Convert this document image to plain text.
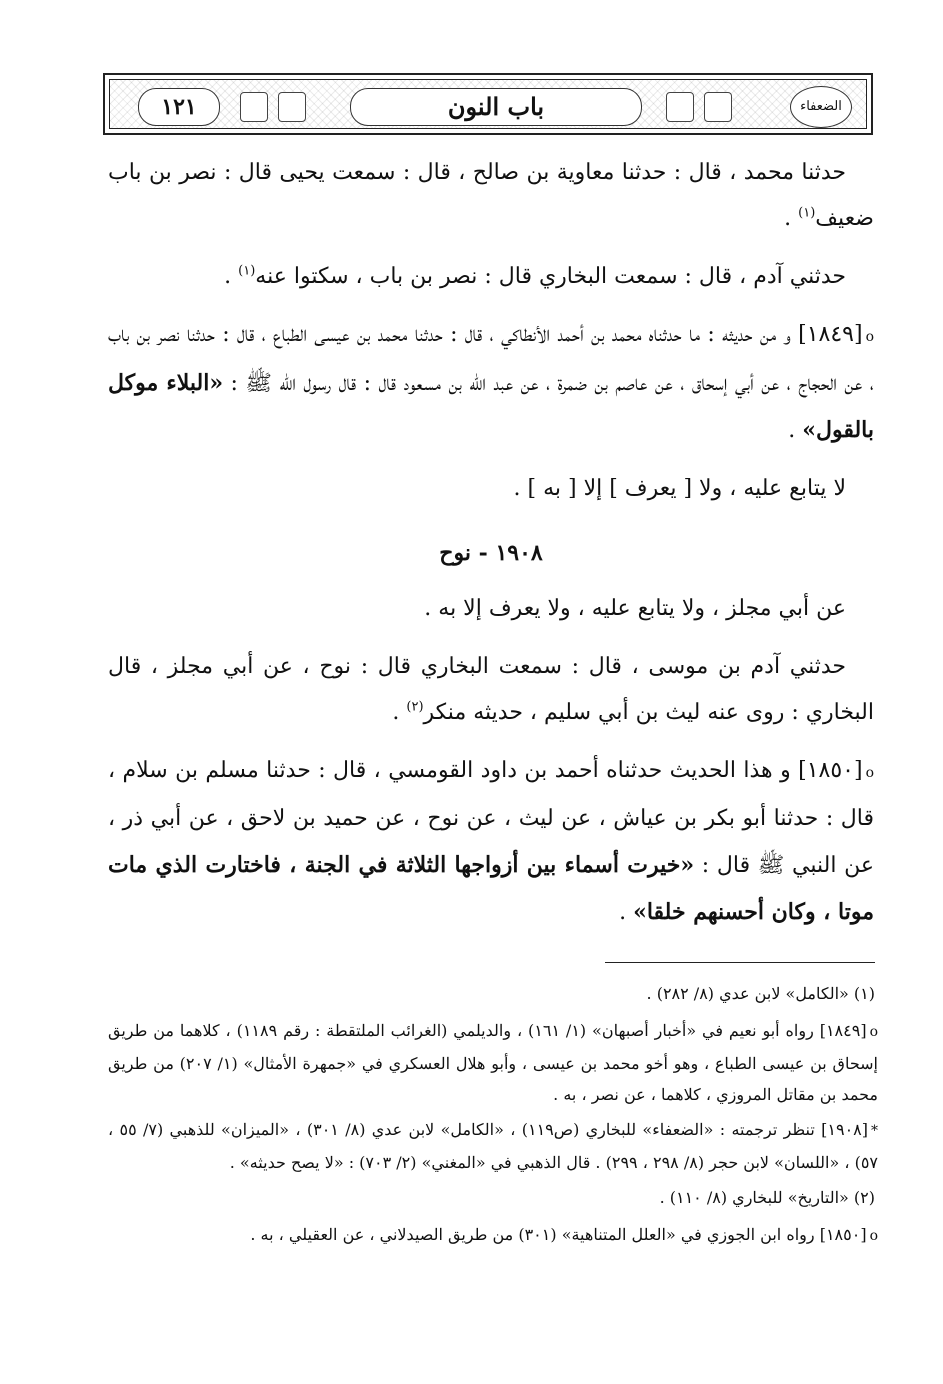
١٢١	باب النون	الضعفاء

حدثنا محمد ، قال : حدثنا معاوية بن صالح ، قال : سمعت يحيى قال : نصر بن باب ضعيف$^{(١)}$ .

حدثني آدم ، قال : سمعت البخاري قال : نصر بن باب ، سكتوا عنه$^{(١)}$ .

o[١٨٤٩] و من حديثه : ما حدثناه محمد بن أحمد الأنطاكي ، قال : حدثنا محمد بن عيسى الطباع ، قال : حدثنا نصر بن باب ، عن الحجاج ، عن أبي إسحاق ، عن عاصم بن ضمرة ، عن عبد الله بن مسعود قال : قال رسول الله ﷺ : «البلاء موكل بالقول» .

لا يتابع عليه ، ولا [ يعرف ] إلا [ به ] .

١٩٠٨ - نوح

عن أبي مجلز ، ولا يتابع عليه ، ولا يعرف إلا به .

حدثني آدم بن موسى ، قال : سمعت البخاري قال : نوح ، عن أبي مجلز ، قال البخاري : روى عنه ليث بن أبي سليم ، حديثه منكر$^{(٢)}$ .

o[١٨٥٠] و هذا الحديث حدثناه أحمد بن داود القومسي ، قال : حدثنا مسلم بن سلام ، قال : حدثنا أبو بكر بن عياش ، عن ليث ، عن نوح ، عن حميد بن لاحق ، عن أبي ذر ، عن النبي ﷺ قال : «خيرت أسماء بين أزواجها الثلاثة في الجنة ، فاختارت الذي مات موتا ، وكان أحسنهم خلقا» .

(١) «الكامل» لابن عدي (٨/ ٢٨٢) .

o[١٨٤٩] رواه أبو نعيم في «أخبار أصبهان» (١/ ١٦١) ، والديلمي (الغرائب الملتقطة : رقم ١١٨٩) ، كلاهما من طريق إسحاق بن عيسى الطباع ، وهو أخو محمد بن عيسى ، وأبو هلال العسكري في «جمهرة الأمثال» (١/ ٢٠٧) من طريق محمد بن مقاتل المروزي ، كلاهما ، عن نصر ، به .

*[١٩٠٨] تنظر ترجمته : «الضعفاء» للبخاري (ص١١٩) ، «الكامل» لابن عدي (٨/ ٣٠١) ، «الميزان» للذهبي (٧/ ٥٥ ، ٥٧) ، «اللسان» لابن حجر (٨/ ٢٩٨ ، ٢٩٩) . قال الذهبي في «المغني» (٢/ ٧٠٣) : «لا يصح حديثه» .

(٢) «التاريخ» للبخاري (٨/ ١١٠) .

o[١٨٥٠] رواه ابن الجوزي في «العلل المتناهية» (٣٠١) من طريق الصيدلاني ، عن العقيلي ، به .
